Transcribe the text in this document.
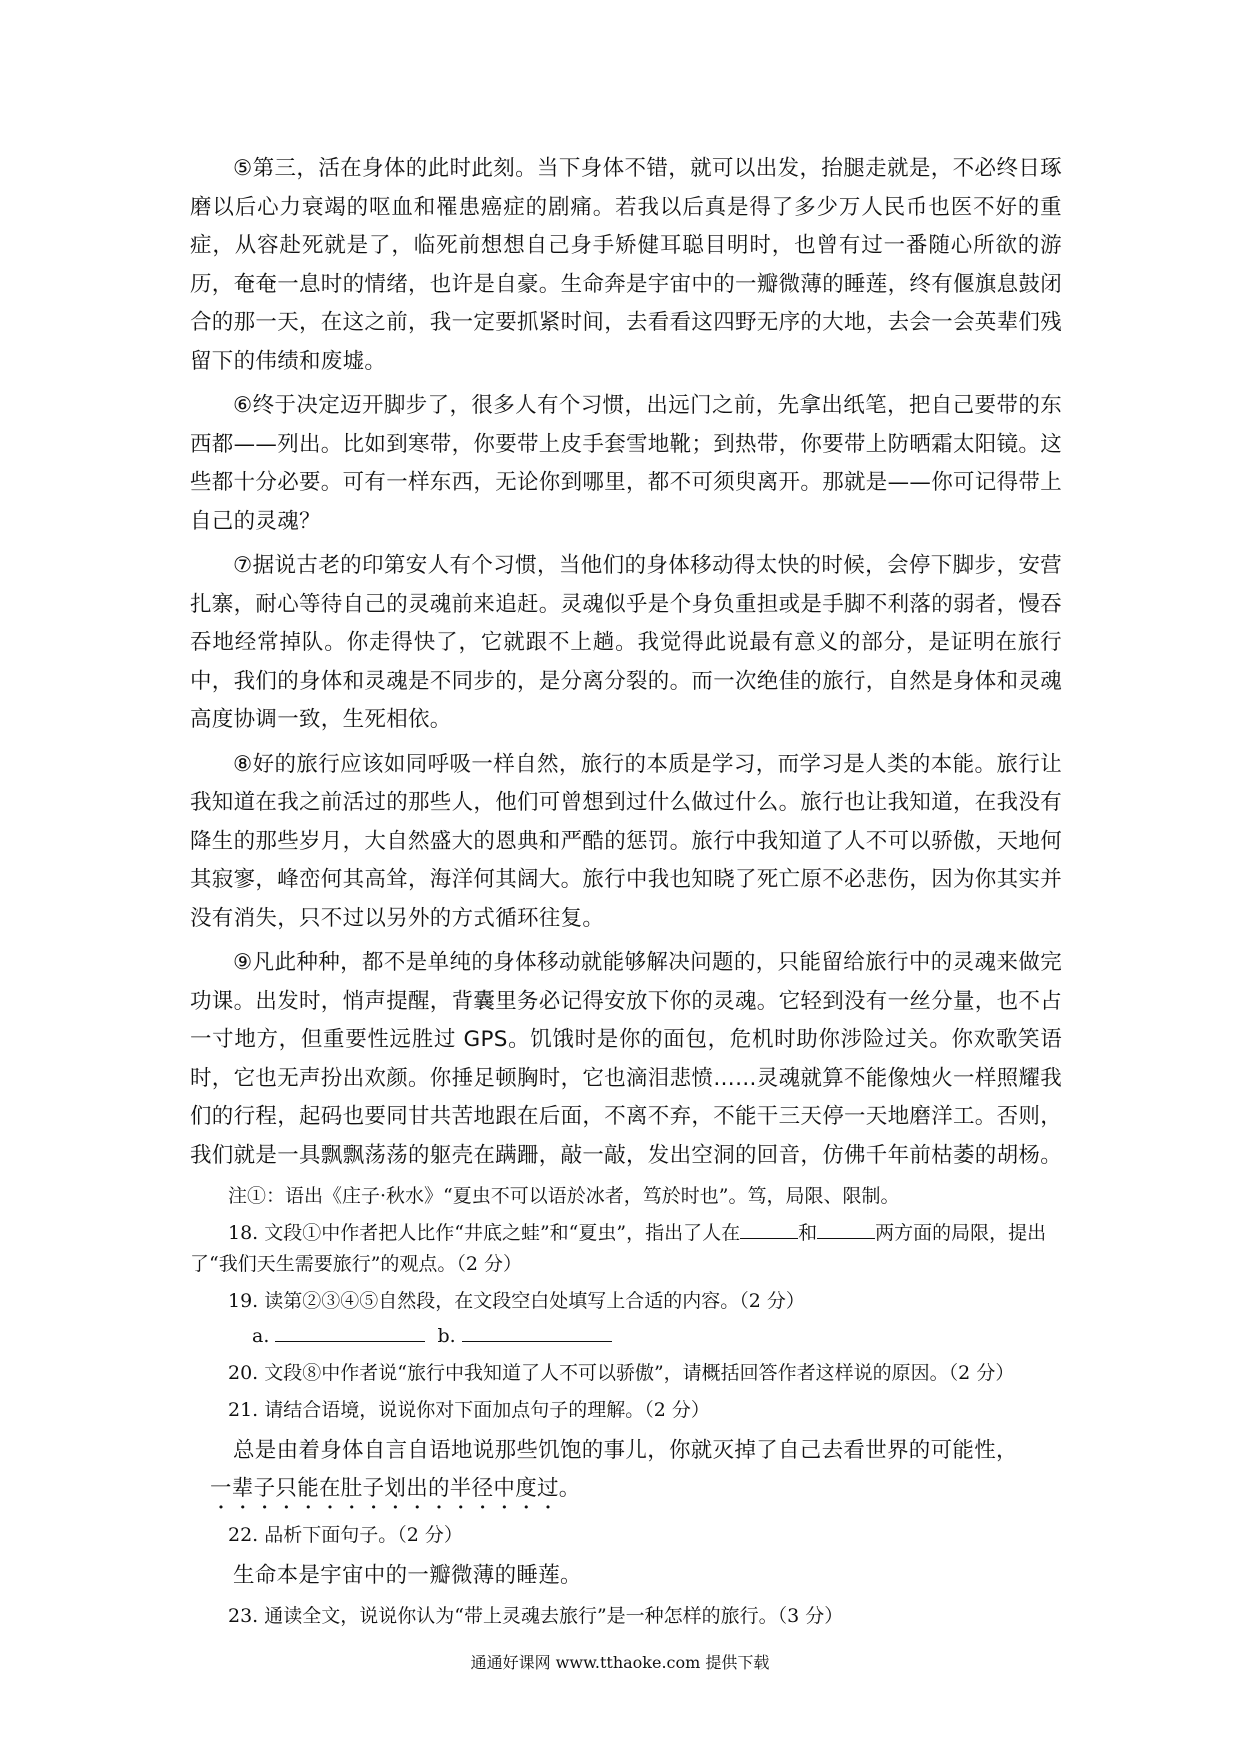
⑤第三，活在身体的此时此刻。当下身体不错，就可以出发，抬腿走就是，不必终日琢磨以后心力衰竭的呕血和罹患癌症的剧痛。若我以后真是得了多少万人民币也医不好的重症，从容赴死就是了，临死前想想自己身手矫健耳聪目明时，也曾有过一番随心所欲的游历，奄奄一息时的情绪，也许是自豪。生命奔是宇宙中的一瓣微薄的睡莲，终有偃旗息鼓闭合的那一天，在这之前，我一定要抓紧时间，去看看这四野无序的大地，去会一会英辈们残留下的伟绩和废墟。

⑥终于决定迈开脚步了，很多人有个习惯，出远门之前，先拿出纸笔，把自己要带的东西都——列出。比如到寒带，你要带上皮手套雪地靴；到热带，你要带上防晒霜太阳镜。这些都十分必要。可有一样东西，无论你到哪里，都不可须臾离开。那就是——你可记得带上自己的灵魂？

⑦据说古老的印第安人有个习惯，当他们的身体移动得太快的时候，会停下脚步，安营扎寨，耐心等待自己的灵魂前来追赶。灵魂似乎是个身负重担或是手脚不利落的弱者，慢吞吞地经常掉队。你走得快了，它就跟不上趟。我觉得此说最有意义的部分，是证明在旅行中，我们的身体和灵魂是不同步的，是分离分裂的。而一次绝佳的旅行，自然是身体和灵魂高度协调一致，生死相依。

⑧好的旅行应该如同呼吸一样自然，旅行的本质是学习，而学习是人类的本能。旅行让我知道在我之前活过的那些人，他们可曾想到过什么做过什么。旅行也让我知道，在我没有降生的那些岁月，大自然盛大的恩典和严酷的惩罚。旅行中我知道了人不可以骄傲，天地何其寂寥，峰峦何其高耸，海洋何其阔大。旅行中我也知晓了死亡原不必悲伤，因为你其实并没有消失，只不过以另外的方式循环往复。

⑨凡此种种，都不是单纯的身体移动就能够解决问题的，只能留给旅行中的灵魂来做完功课。出发时，悄声提醒，背囊里务必记得安放下你的灵魂。它轻到没有一丝分量，也不占一寸地方，但重要性远胜过 GPS。饥饿时是你的面包，危机时助你涉险过关。你欢歌笑语时，它也无声扮出欢颜。你捶足顿胸时，它也滴泪悲愤……灵魂就算不能像烛火一样照耀我们的行程，起码也要同甘共苦地跟在后面，不离不弃，不能干三天停一天地磨洋工。否则，我们就是一具飘飘荡荡的躯壳在蹒跚，敲一敲，发出空洞的回音，仿佛千年前枯萎的胡杨。

注①：语出《庄子·秋水》“夏虫不可以语於冰者，笃於时也”。笃，局限、限制。

18. 文段①中作者把人比作“井底之蛙”和“夏虫”，指出了人在	和	两方面的局限，提出了“我们天生需要旅行”的观点。（2 分）

19. 读第②③④⑤自然段，在文段空白处填写上合适的内容。（2 分）

a.	b.

20. 文段⑧中作者说“旅行中我知道了人不可以骄傲”，请概括回答作者这样说的原因。（2 分）

21. 请结合语境，说说你对下面加点句子的理解。（2 分）

总是由着身体自言自语地说那些饥饱的事儿，你就灭掉了自己去看世界的可能性，

一辈子只能在肚子划出的半径中度过。

22. 品析下面句子。（2 分）

生命本是宇宙中的一瓣微薄的睡莲。

23. 通读全文，说说你认为“带上灵魂去旅行”是一种怎样的旅行。（3 分）

通通好课网 www.tthaoke.com 提供下载
